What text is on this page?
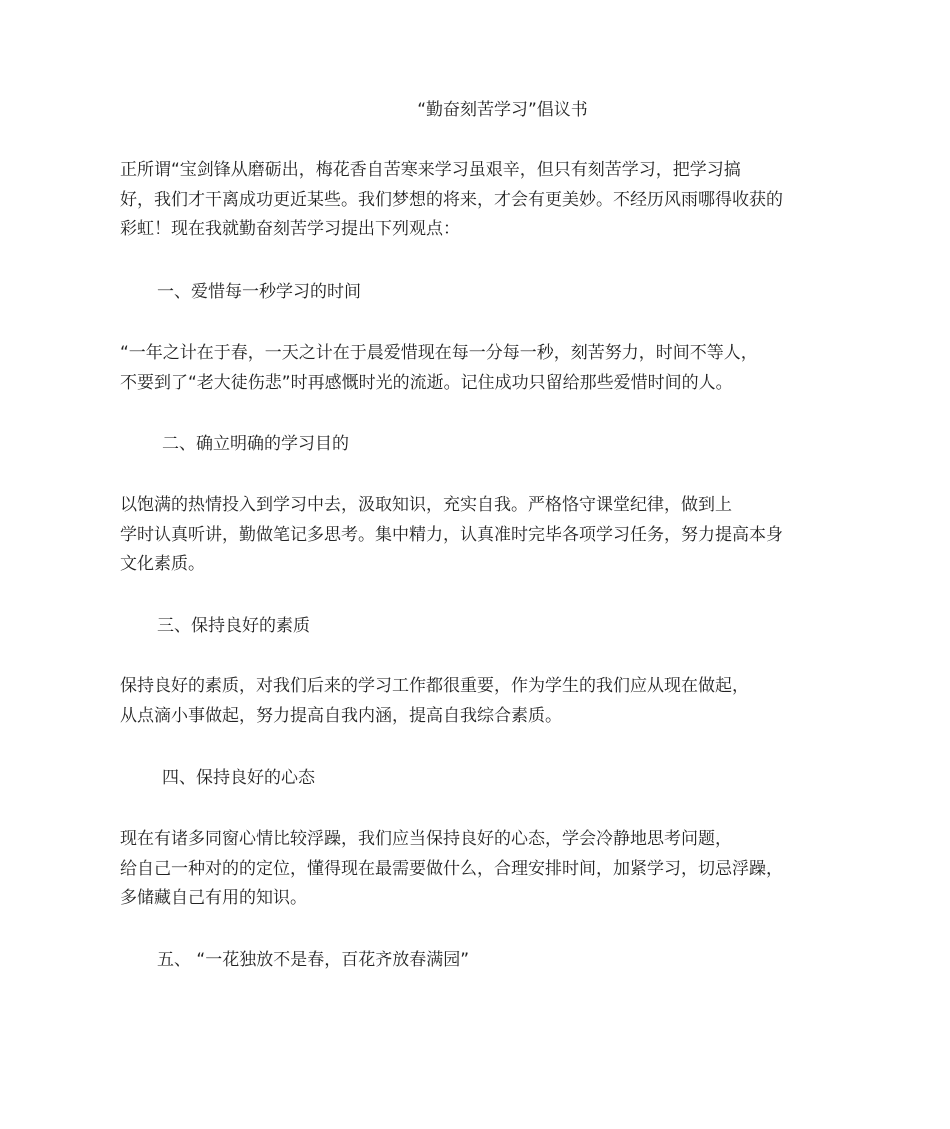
“勤奋刻苦学习”倡议书

正所谓“宝剑锋从磨砺出，梅花香自苦寒来学习虽艰辛，但只有刻苦学习，把学习搞
好，我们才干离成功更近某些。我们梦想的将来，才会有更美妙。不经历风雨哪得收获的
彩虹！现在我就勤奋刻苦学习提出下列观点：

一、爱惜每一秒学习的时间

“一年之计在于春，一天之计在于晨爱惜现在每一分每一秒，刻苦努力，时间不等人，
不要到了“老大徒伤悲”时再感慨时光的流逝。记住成功只留给那些爱惜时间的人。

二、确立明确的学习目的

以饱满的热情投入到学习中去，汲取知识，充实自我。严格恪守课堂纪律，做到上
学时认真听讲，勤做笔记多思考。集中精力，认真准时完毕各项学习任务，努力提高本身
文化素质。

三、保持良好的素质

保持良好的素质，对我们后来的学习工作都很重要，作为学生的我们应从现在做起，
从点滴小事做起，努力提高自我内涵，提高自我综合素质。

四、保持良好的心态

现在有诸多同窗心情比较浮躁，我们应当保持良好的心态，学会冷静地思考问题，
给自己一种对的的定位，懂得现在最需要做什么，合理安排时间，加紧学习，切忌浮躁，
多储藏自己有用的知识。

五、 “一花独放不是春，百花齐放春满园”
